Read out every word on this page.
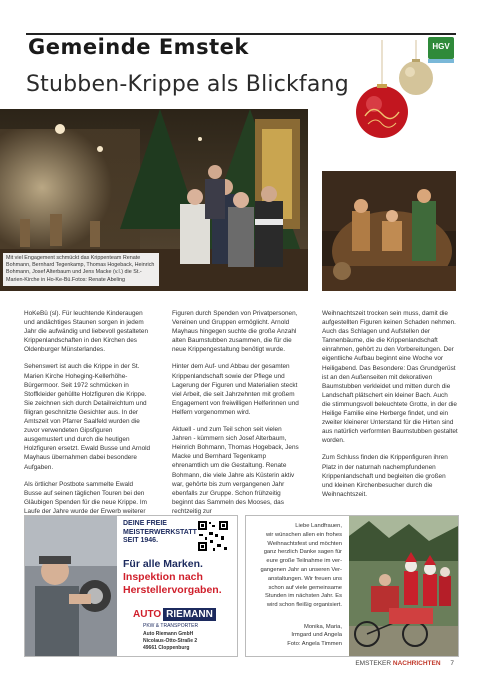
Gemeinde Emstek	HGV
Stubben-Krippe als Blickfang
Mit viel Engagement schmückt das Krippenteam Renate Bohmann, Bernhard Tegenkamp, Thomas Hogeback, Heinrich Bohmann, Josef Alterbaum und Jens Macke (v.l.) die St.-Marien-Kirche in Ho-Ke-Bü.Fotos: Renate Abeling

HoKeBü (sl). Für leuchtende Kinderaugen und andächtiges Staunen sorgen in jedem Jahr die aufwändig und liebevoll gestalteten Krippenlandschaften in den Kirchen des Oldenburger Münsterlandes.

Sehenswert ist auch die Krippe in der St. Marien Kirche Hoheging-Kellerhöhe-Bürgermoor. Seit 1972 schmücken in Stoffkleider gehüllte Holzfiguren die Krippe. Sie zeichnen sich durch Detailreichtum und filigran geschnitzte Gesichter aus. In der Amtszeit von Pfarrer Saalfeld wurden die zuvor verwendeten Gipsfiguren ausgemustert und durch die heutigen Holzfiguren ersetzt. Ewald Busse und Arnold Mayhaus übernahmen dabei besondere Aufgaben.

Als örtlicher Postbote sammelte Ewald Busse auf seinen täglichen Touren bei den Gläubigen Spenden für die neue Krippe. Im Laufe der Jahre wurde der Erwerb weiterer

Figuren durch Spenden von Privatpersonen, Vereinen und Gruppen ermöglicht. Arnold Mayhaus hingegen suchte die große Anzahl alten Baumstubben zusammen, die für die neue Krippengestaltung benötigt wurde.

Hinter dem Auf- und Abbau der gesamten Krippenlandschaft sowie der Pflege und Lagerung der Figuren und Materialien steckt viel Arbeit, die seit Jahrzehnten mit großem Engagement von freiwilligen Helferinnen und Helfern vorgenommen wird.

Aktuell - und zum Teil schon seit vielen Jahren - kümmern sich Josef Alterbaum, Heinrich Bohmann, Thomas Hogeback, Jens Macke und Bernhard Tegenkamp ehrenamtlich um die Gestaltung. Renate Bohmann, die viele Jahre als Küsterin aktiv war, gehörte bis zum vergangenen Jahr ebenfalls zur Gruppe. Schon frühzeitig beginnt das Sammeln des Mooses, das rechtzeitig zur

Weihnachtszeit trocken sein muss, damit die aufgestellten Figuren keinen Schaden nehmen. Auch das Schlagen und Aufstellen der Tannenbäume, die die Krippenlandschaft einrahmen, gehört zu den Vorbereitungen. Der eigentliche Aufbau beginnt eine Woche vor Heiligabend. Das Besondere: Das Grundgerüst ist an den Außenseiten mit dekorativen Baumstubben verkleidet und mitten durch die Landschaft plätschert ein kleiner Bach. Auch die stimmungsvoll beleuchtete Grotte, in der die Heilige Familie eine Herberge findet, und ein zweiter kleinerer Unterstand für die Hirten sind aus natürlich verformten Baumstubben gestaltet worden.

Zum Schluss finden die Krippenfiguren ihren Platz in der naturnah nachempfundenen Krippenlandschaft und begleiten die großen und kleinen Kirchenbesucher durch die Weihnachtszeit.

DEINE FREIE MEISTERWERKSTATT SEIT 1946.
Für alle Marken.
Inspektion nach
Herstellervorgaben.
AUTO RIEMANN
PKW & TRANSPORTER
Auto Riemann GmbH
Nicolaus-Otto-Straße 2
49661 Cloppenburg
Liebe Landfrauen,
wir wünschen allen ein frohes
Weihnachtsfest und möchten
ganz herzlich Danke sagen für
eure große Teilnahme im ver-
gangenen Jahr an unseren Ver-
anstaltungen. Wir freuen uns
schon auf viele gemeinsame
Stunden im nächsten Jahr. Es
wird schon fleißig organisiert.
Monika, Maria,
Irmgard und Angela
Foto: Angela Timmen
EMSTEKER NACHRICHTEN 7
